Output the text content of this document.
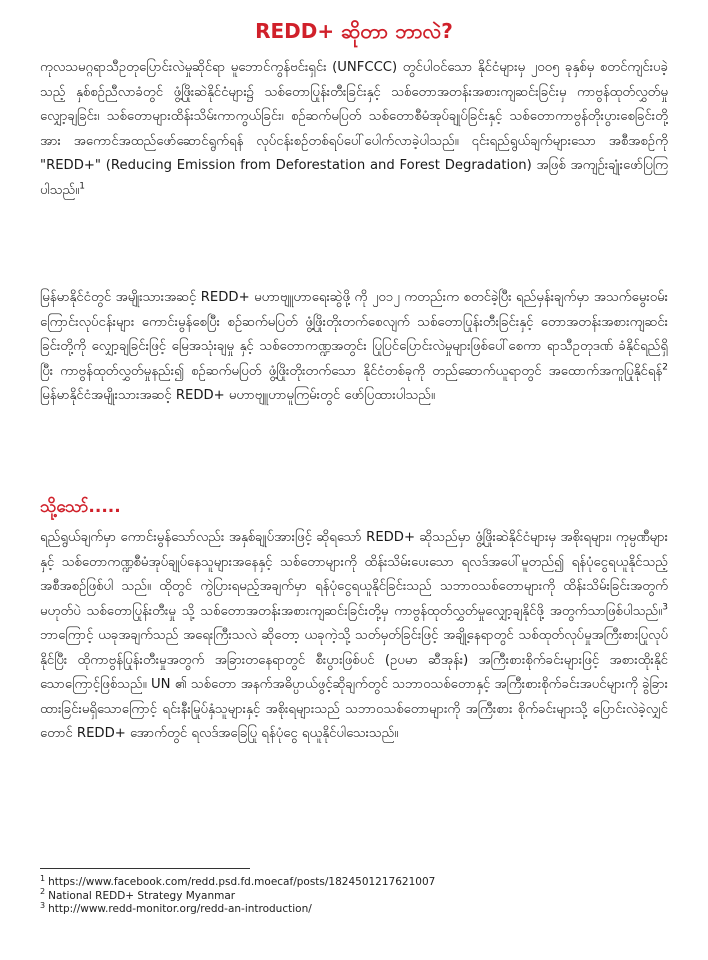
REDD+ ဆိုတာ ဘာလဲ?

ကုလသမဂ္ဂရာသီဥတုပြောင်းလဲမှုဆိုင်ရာ မူဘောင်ကွန်ဗင်းရှင်း (UNFCCC) တွင်ပါဝင်သော နိုင်ငံများမှ ၂၀၀၅ ခုနှစ်မှ စတင်ကျင်းပခဲ့သည့် နှစ်စဉ်ညီလာခံတွင် ဖွံ့ဖြိုးဆဲနိုင်ငံများ၌ သစ်တောပြုန်းတီးခြင်းနှင့် သစ်တောအတန်းအစားကျဆင်းခြင်းမှ ကာဗွန်ထုတ်လွှတ်မှုလျှော့ချခြင်း၊ သစ်တောများထိန်းသိမ်းကာကွယ်ခြင်း၊ စဉ်ဆက်မပြတ် သစ်တောစီမံအုပ်ချုပ်ခြင်းနှင့် သစ်တောကာဗွန်တိုးပွားစေခြင်းတို့အား အကောင်အထည်ဖော်ဆောင်ရွက်ရန် လုပ်ငန်းစဉ်တစ်ရပ်ပေါ်ပေါက်လာခဲ့ပါသည်။ ၎င်းရည်ရွယ်ချက်များသော အစီအစဉ်ကို "REDD+" (Reducing Emission from Deforestation and Forest Degradation) အဖြစ် အကျဉ်းချုံးဖော်ပြကြပါသည်။$^1$

မြန်မာနိုင်ငံတွင် အမျိုးသားအဆင့် REDD+ မဟာဗျူဟာရေးဆွဲဖို့ ကို ၂၀၁၂ ကတည်းက စတင်ခဲ့ပြီး ရည်မှန်းချက်မှာ အသက်မွေးဝမ်းကြောင်းလုပ်ငန်းများ ကောင်းမွန်စေပြီး စဉ်ဆက်မပြတ် ဖွံ့ဖြိုးတိုးတက်စေလျက် သစ်တောပြုန်းတီးခြင်းနှင့် တောအတန်းအစားကျဆင်းခြင်းတို့ကို လျှော့ချခြင်းဖြင့် မြေအသုံးချမှု နှင့် သစ်တောကဏ္ဍအတွင်း ပြုပြင်ပြောင်းလဲမှုများဖြစ်ပေါ်စေကာ ရာသီဥတုဒဏ် ခံနိုင်ရည်ရှိပြီး ကာဗွန်ထုတ်လွှတ်မှုနည်း၍ စဉ်ဆက်မပြတ် ဖွံ့ဖြိုးတိုးတက်သော နိုင်ငံတစ်ခုကို တည်ဆောက်ယူရာတွင် အထောက်အကူပြုနိုင်ရန်$^2$ မြန်မာနိုင်ငံအမျိုးသားအဆင့် REDD+ မဟာဗျူဟာမူကြမ်းတွင် ဖော်ပြထားပါသည်။

သို့သော်.....

ရည်ရွယ်ချက်မှာ ကောင်းမွန်သော်လည်း အနှစ်ချုပ်အားဖြင့် ဆိုရသော် REDD+ ဆိုသည်မှာ ဖွံ့ဖြိုးဆဲနိုင်ငံများမှ အစိုးရများ၊ ကုမ္ပဏီများ နှင့် သစ်တောကဏ္ဍစီမံအုပ်ချုပ်နေသူများအနေနှင့် သစ်တောများကို ထိန်းသိမ်းပေးသော ရလဒ်အပေါ်မူတည်၍ ရန်ပုံငွေရယူနိုင်သည့် အစီအစဉ်ဖြစ်ပါ သည်။ ထိုတွင် ကွဲပြားရမည့်အချက်မှာ ရန်ပုံငွေရယူနိုင်ခြင်းသည် သဘာဝသစ်တောများကို ထိန်းသိမ်းခြင်းအတွက်မဟုတ်ပဲ သစ်တောပြုန်းတီးမှု သို့ သစ်တောအတန်းအစားကျဆင်းခြင်းတို့မှ ကာဗွန်ထုတ်လွှတ်မှုလျှော့ချနိုင်ဖို့ အတွက်သာဖြစ်ပါသည်။$^3$ ဘာကြောင့် ယခုအချက်သည် အရေးကြီးသလဲ ဆိုတော့ ယခုကဲ့သို့ သတ်မှတ်ခြင်းဖြင့် အချို့နေရာတွင် သစ်ထုတ်လုပ်မှုအကြီးစားပြုလုပ်နိုင်ပြီး ထိုကာဗွန်ပြုန်းတီးမှုအတွက် အခြားတနေရာတွင် စီးပွားဖြစ်ပင် (ဥပမာ ဆီအုန်း) အကြီးစားစိုက်ခင်းများဖြင့် အစားထိုးနိုင်သောကြောင့်ဖြစ်သည်။ UN ၏ သစ်တော အနက်အဓိပ္ပာယ်ဖွင့်ဆိုချက်တွင် သဘာဝသစ်တောနှင့် အကြီးစားစိုက်ခင်းအပင်များကို ခွဲခြားထားခြင်းမရှိသောကြောင့် ရင်းနီးမြုပ်နှံသူများနှင့် အစိုးရများသည် သဘာဝသစ်တောများကို အကြီးစား စိုက်ခင်းများသို့ ပြောင်းလဲခဲ့လျှင်တောင် REDD+ အောက်တွင် ရလဒ်အခြေပြု ရန်ပုံငွေ ရယူနိုင်ပါသေးသည်။

$^1$ https://www.facebook.com/redd.psd.fd.moecaf/posts/1824501217621007
$^2$ National REDD+ Strategy Myanmar
$^3$ http://www.redd-monitor.org/redd-an-introduction/
